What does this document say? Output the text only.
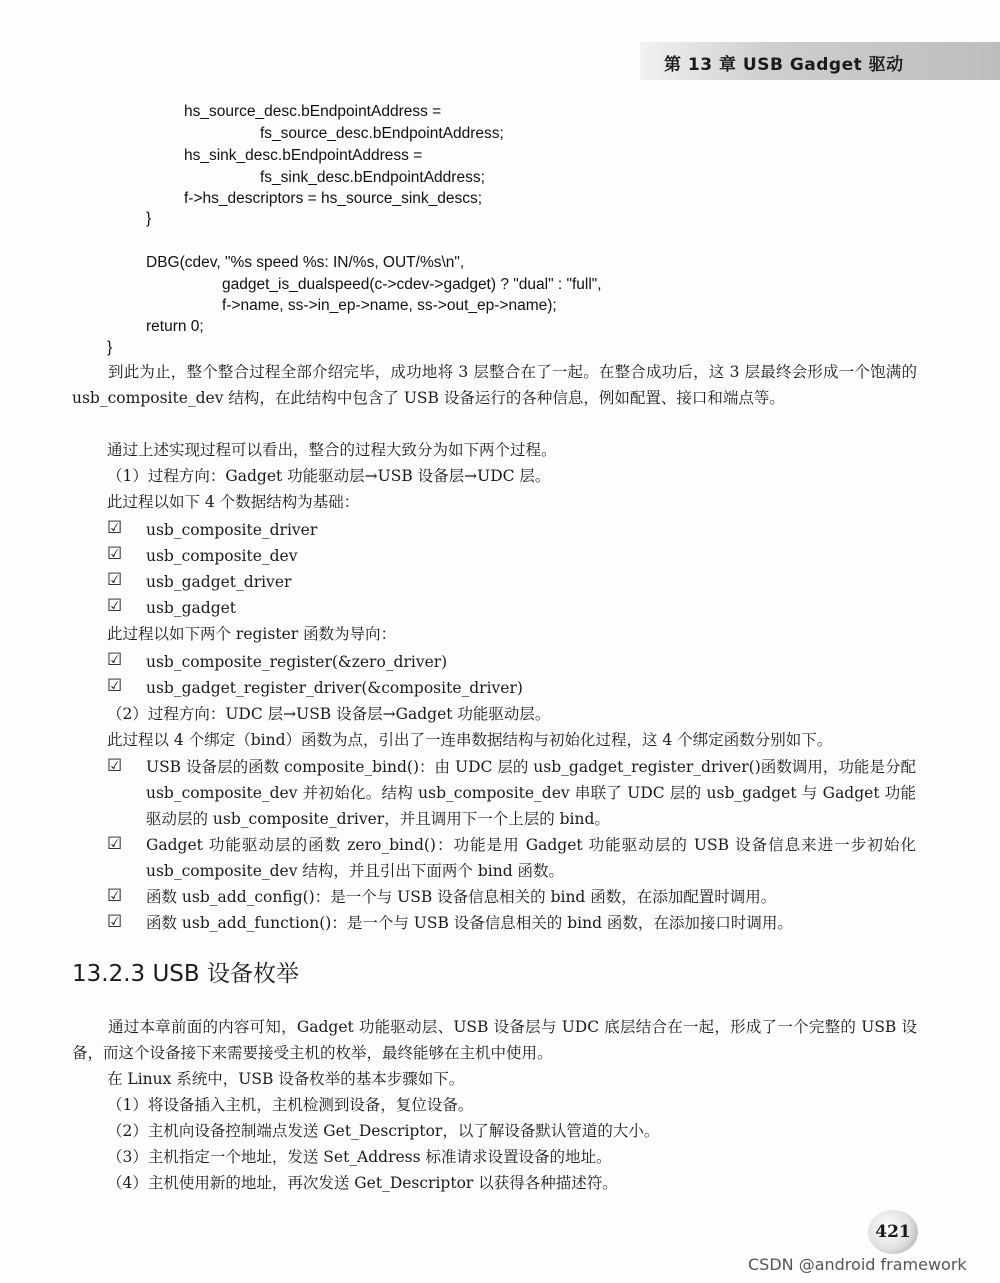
第 13 章 USB Gadget 驱动
hs_source_desc.bEndpointAddress =
fs_source_desc.bEndpointAddress;
hs_sink_desc.bEndpointAddress =
fs_sink_desc.bEndpointAddress;
f->hs_descriptors = hs_source_sink_descs;
}
DBG(cdev, "%s speed %s: IN/%s, OUT/%s\n",
gadget_is_dualspeed(c->cdev->gadget) ? "dual" : "full",
f->name, ss->in_ep->name, ss->out_ep->name);
return 0;
}
到此为止，整个整合过程全部介绍完毕，成功地将 3 层整合在了一起。在整合成功后，这 3 层最终会形成一个饱满的 usb_composite_dev 结构，在此结构中包含了 USB 设备运行的各种信息，例如配置、接口和端点等。
通过上述实现过程可以看出，整合的过程大致分为如下两个过程。
（1）过程方向：Gadget 功能驱动层→USB 设备层→UDC 层。
此过程以如下 4 个数据结构为基础：
☑ usb_composite_driver
☑ usb_composite_dev
☑ usb_gadget_driver
☑ usb_gadget
此过程以如下两个 register 函数为导向：
☑ usb_composite_register(&zero_driver)
☑ usb_gadget_register_driver(&composite_driver)
（2）过程方向：UDC 层→USB 设备层→Gadget 功能驱动层。
此过程以 4 个绑定（bind）函数为点，引出了一连串数据结构与初始化过程，这 4 个绑定函数分别如下。
☑ USB 设备层的函数 composite_bind()：由 UDC 层的 usb_gadget_register_driver()函数调用，功能是分配 usb_composite_dev 并初始化。结构 usb_composite_dev 串联了 UDC 层的 usb_gadget 与 Gadget 功能驱动层的 usb_composite_driver，并且调用下一个上层的 bind。
☑ Gadget 功能驱动层的函数 zero_bind()：功能是用 Gadget 功能驱动层的 USB 设备信息来进一步初始化 usb_composite_dev 结构，并且引出下面两个 bind 函数。
☑ 函数 usb_add_config()：是一个与 USB 设备信息相关的 bind 函数，在添加配置时调用。
☑ 函数 usb_add_function()：是一个与 USB 设备信息相关的 bind 函数，在添加接口时调用。
13.2.3 USB 设备枚举
通过本章前面的内容可知，Gadget 功能驱动层、USB 设备层与 UDC 底层结合在一起，形成了一个完整的 USB 设备，而这个设备接下来需要接受主机的枚举，最终能够在主机中使用。
在 Linux 系统中，USB 设备枚举的基本步骤如下。
（1）将设备插入主机，主机检测到设备，复位设备。
（2）主机向设备控制端点发送 Get_Descriptor，以了解设备默认管道的大小。
（3）主机指定一个地址，发送 Set_Address 标准请求设置设备的地址。
（4）主机使用新的地址，再次发送 Get_Descriptor 以获得各种描述符。
421
CSDN @android framework
